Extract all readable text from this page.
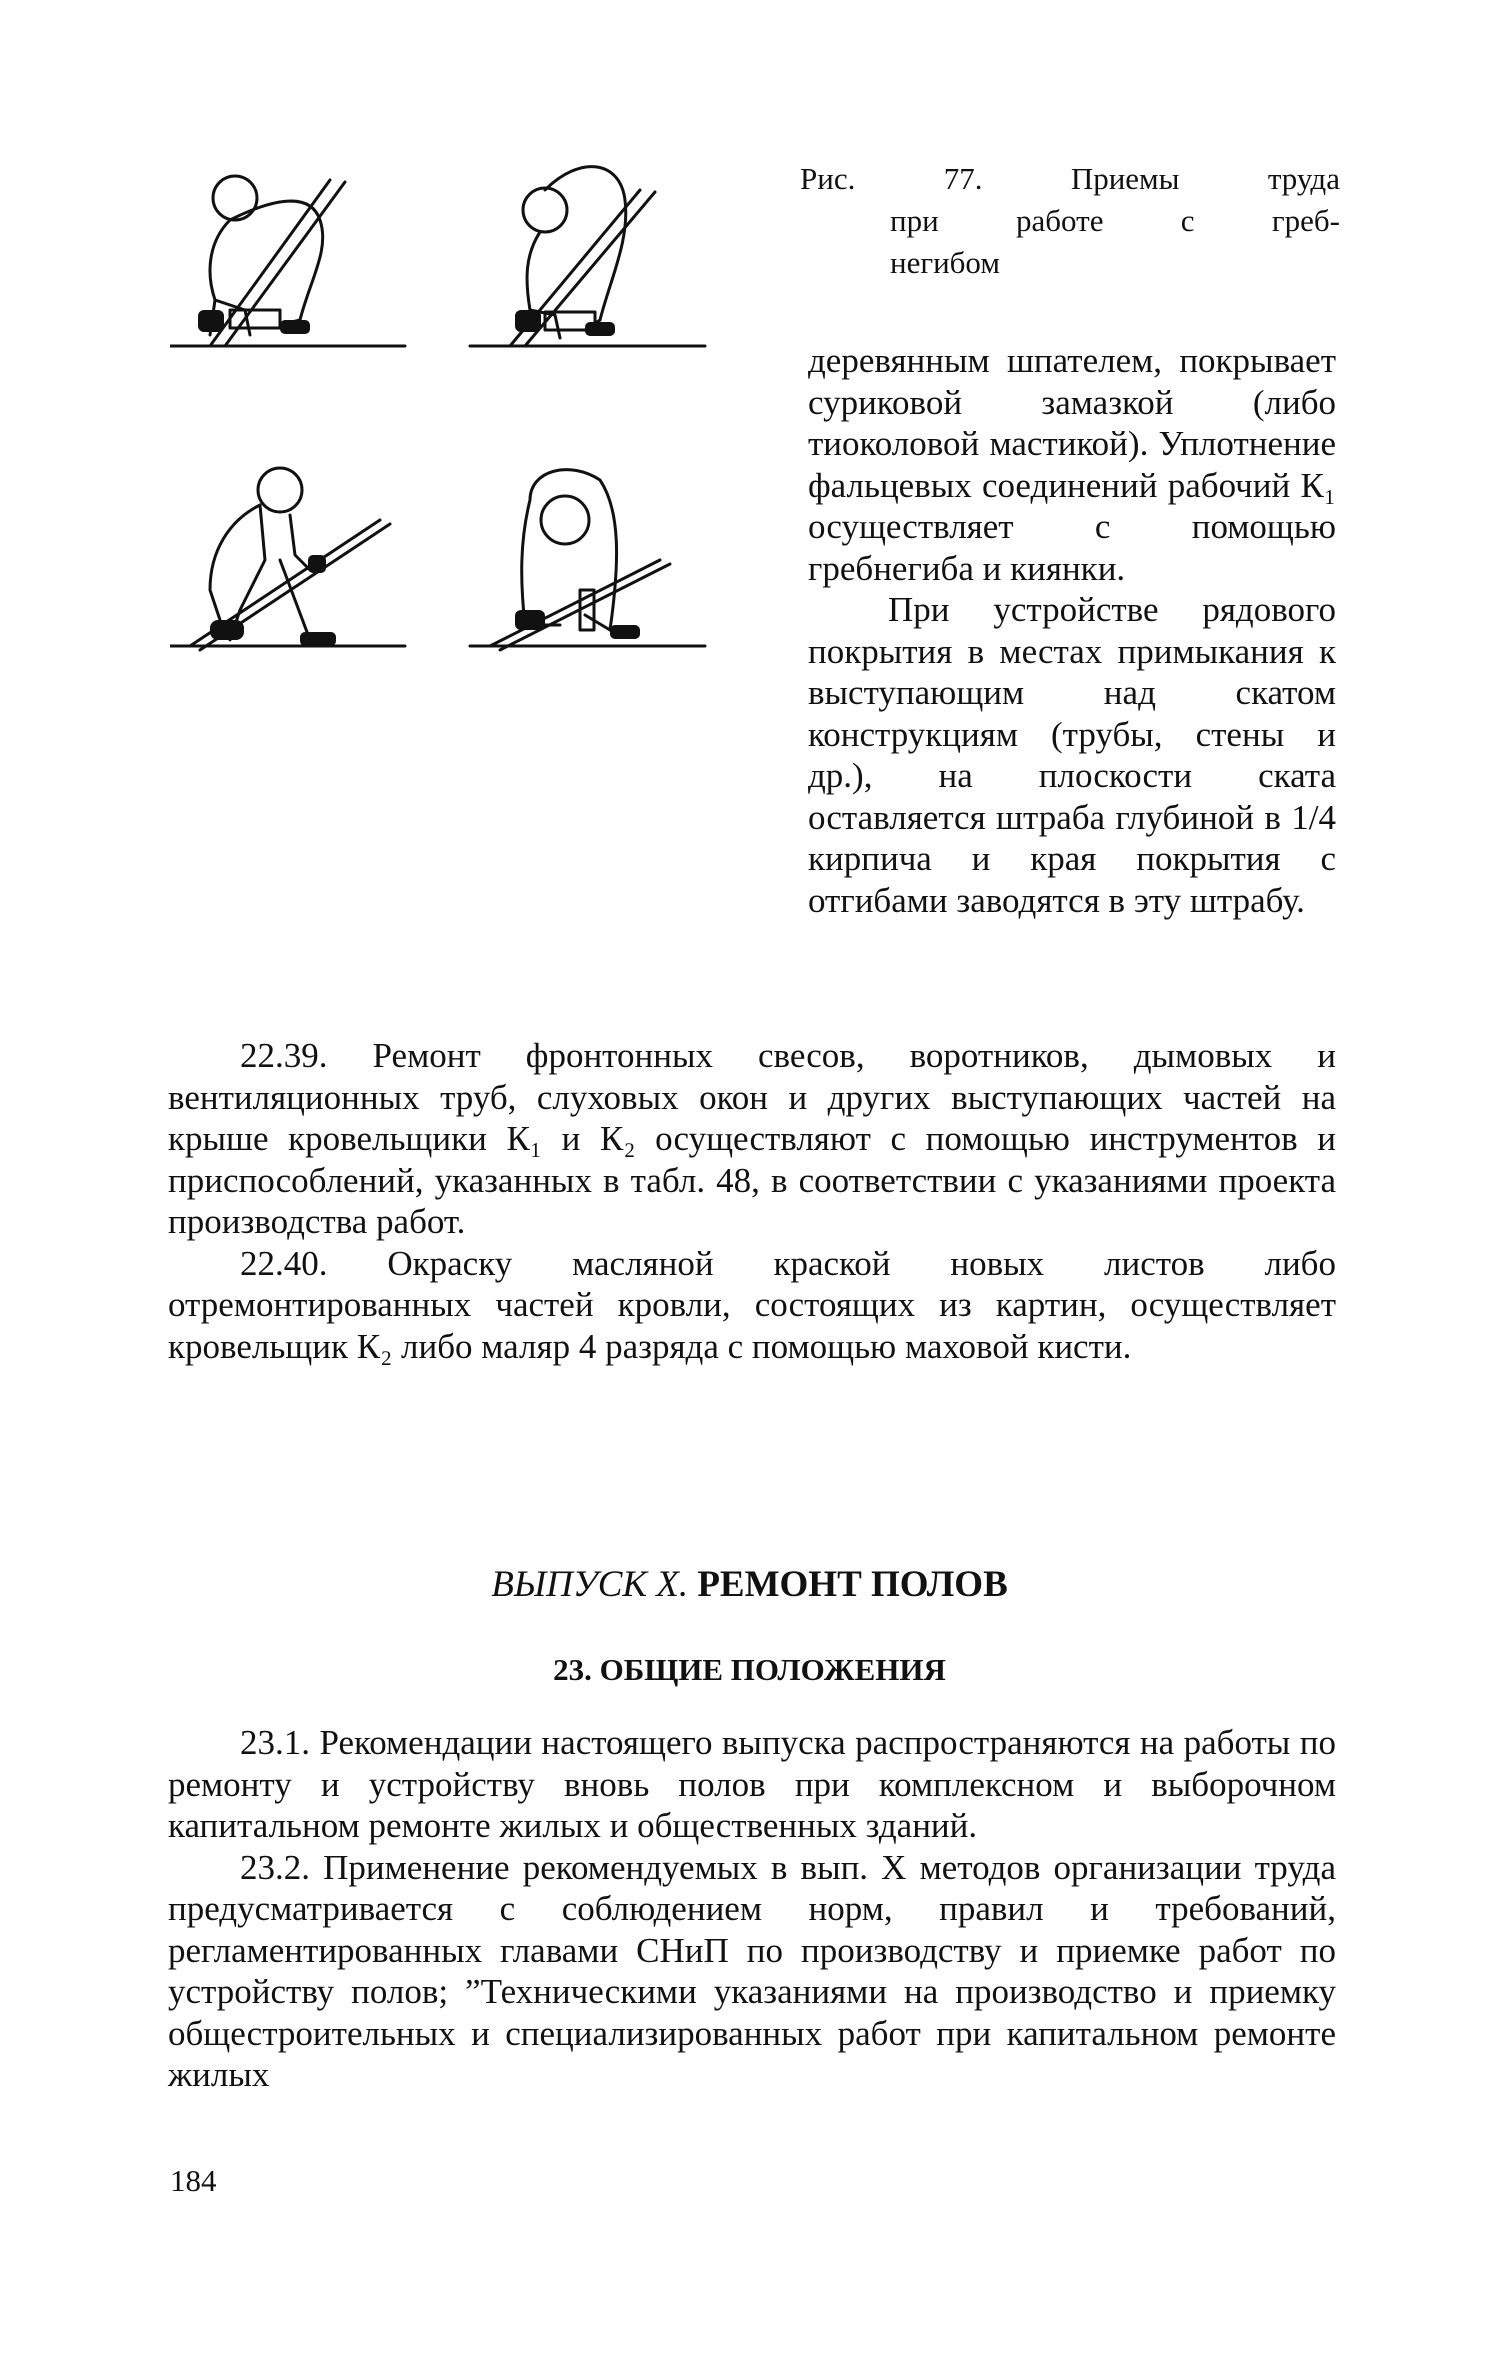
Рис.	77.	Приемы	труда
при работе с греб-
негибом

деревянным шпателем, покрывает суриковой замазкой (либо тиоколовой мастикой). Уплотнение фальцевых соединений рабочий К₁ осуществляет с помощью гребнегиба и киянки.

При устройстве рядового покрытия в местах примыкания к выступающим над скатом конструкциям (трубы, стены и др.), на плоскости ската оставляется штраба глубиной в 1/4 кирпича и края покрытия с отгибами заводятся в эту штрабу.

22.39. Ремонт фронтонных свесов, воротников, дымовых и вентиляционных труб, слуховых окон и других выступающих частей на крыше кровельщики К₁ и К₂ осуществляют с помощью инструментов и приспособлений, указанных в табл. 48, в соответствии с указаниями проекта производства работ.

22.40. Окраску масляной краской новых листов либо отремонтированных частей кровли, состоящих из картин, осуществляет кровельщик К₂ либо маляр 4 разряда с помощью маховой кисти.

ВЫПУСК X. РЕМОНТ ПОЛОВ
23. ОБЩИЕ ПОЛОЖЕНИЯ

23.1. Рекомендации настоящего выпуска распространяются на работы по ремонту и устройству вновь полов при комплексном и выборочном капитальном ремонте жилых и общественных зданий.

23.2. Применение рекомендуемых в вып. X методов организации труда предусматривается с соблюдением норм, правил и требований, регламентированных главами СНиП по производству и приемке работ по устройству полов; ”Техническими указаниями на производство и приемку общестроительных и специализированных работ при капитальном ремонте жилых

184
